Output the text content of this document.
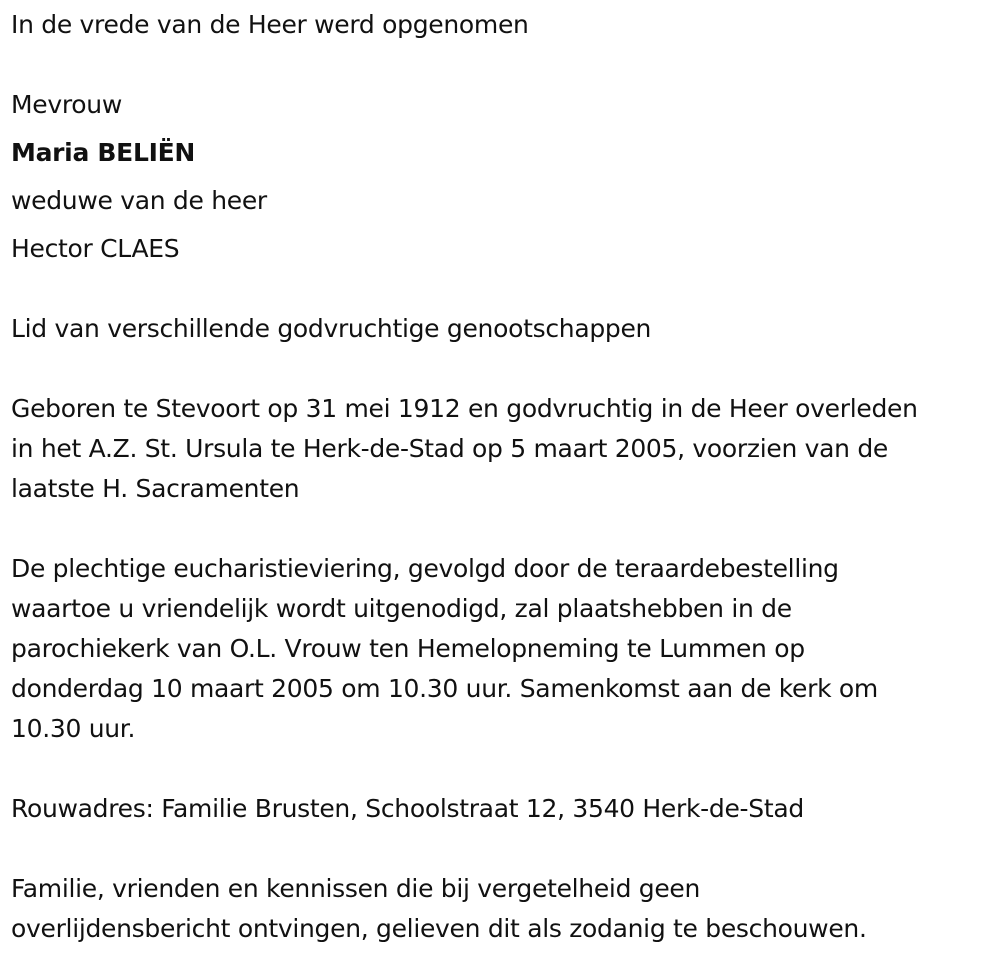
In de vrede van de Heer werd opgenomen
Mevrouw
Maria BELIËN
weduwe van de heer
Hector CLAES
Lid van verschillende godvruchtige genootschappen
Geboren te Stevoort op 31 mei 1912 en godvruchtig in de Heer overleden
in het A.Z. St. Ursula te Herk-de-Stad op 5 maart 2005, voorzien van de
laatste H. Sacramenten
De plechtige eucharistieviering, gevolgd door de teraardebestelling
waartoe u vriendelijk wordt uitgenodigd, zal plaatshebben in de
parochiekerk van O.L. Vrouw ten Hemelopneming te Lummen op
donderdag 10 maart 2005 om 10.30 uur. Samenkomst aan de kerk om
10.30 uur.
Rouwadres: Familie Brusten, Schoolstraat 12, 3540 Herk-de-Stad
Familie, vrienden en kennissen die bij vergetelheid geen
overlijdensbericht ontvingen, gelieven dit als zodanig te beschouwen.
